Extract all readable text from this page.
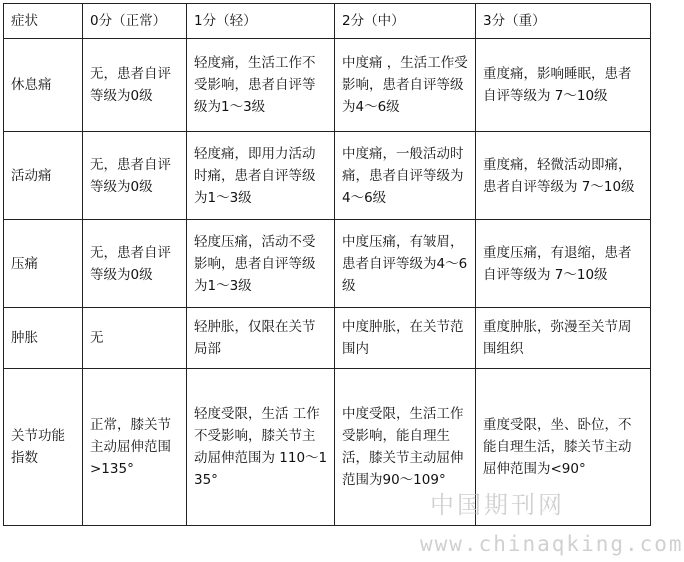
症状	0分（正常）	1分（轻）	2分（中）	3分（重）
休息痛	无，患者自评等级为0级	轻度痛，生活工作不受影响，患者自评等级为1～3级	中度痛 ，生活工作受影响，患者自评等级为4～6级	重度痛，影响睡眠，患者自评等级为 7～10级
活动痛	无，患者自评等级为0级	轻度痛，即用力活动时痛，患者自评等级为1～3级	中度痛，一般活动时痛，患者自评等级为4～6级	重度痛，轻微活动即痛，患者自评等级为 7～10级
压痛	无，患者自评等级为0级	轻度压痛，活动不受影响，患者自评等级为1～3级	中度压痛，有皱眉，患者自评等级为4～6级	重度压痛，有退缩，患者自评等级为 7～10级
肿胀	无	轻肿胀，仅限在关节局部	中度肿胀，在关节范围内	重度肿胀，弥漫至关节周围组织
关节功能指数	正常，膝关节主动屈伸范围>135°	轻度受限，生活 工作不受影响，膝关节主动屈伸范围为 110～135°	中度受限，生活工作受影响，能自理生活，膝关节主动屈伸范围为90～109°	重度受限，坐、卧位，不能自理生活，膝关节主动屈伸范围为<90°
中国期刊网
www.chinaqking.com
